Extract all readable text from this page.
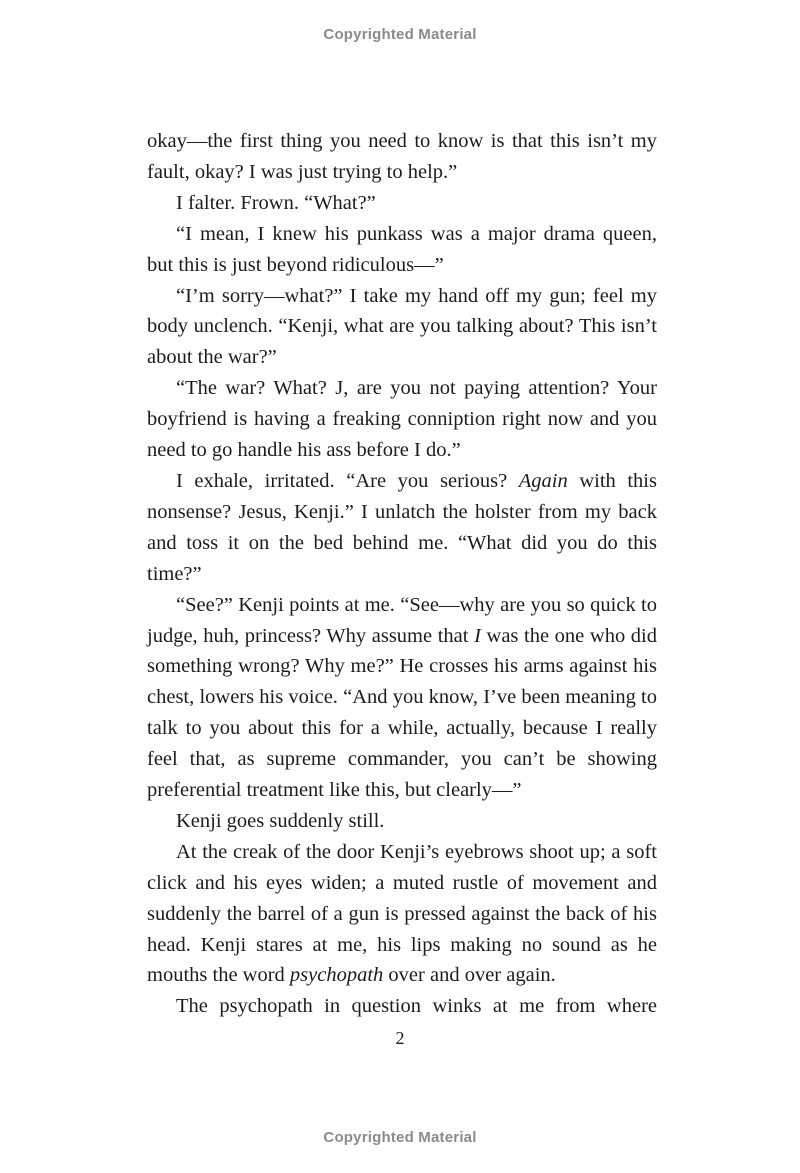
Copyrighted Material

okay—the first thing you need to know is that this isn’t my fault, okay? I was just trying to help.”

I falter. Frown. “What?”

“I mean, I knew his punkass was a major drama queen, but this is just beyond ridiculous—”

“I’m sorry—what?” I take my hand off my gun; feel my body unclench. “Kenji, what are you talking about? This isn’t about the war?”

“The war? What? J, are you not paying attention? Your boyfriend is having a freaking conniption right now and you need to go handle his ass before I do.”

I exhale, irritated. “Are you serious? Again with this nonsense? Jesus, Kenji.” I unlatch the holster from my back and toss it on the bed behind me. “What did you do this time?”

“See?” Kenji points at me. “See—why are you so quick to judge, huh, princess? Why assume that I was the one who did something wrong? Why me?” He crosses his arms against his chest, lowers his voice. “And you know, I’ve been meaning to talk to you about this for a while, actually, because I really feel that, as supreme commander, you can’t be showing preferential treatment like this, but clearly—”

Kenji goes suddenly still.

At the creak of the door Kenji’s eyebrows shoot up; a soft click and his eyes widen; a muted rustle of movement and suddenly the barrel of a gun is pressed against the back of his head. Kenji stares at me, his lips making no sound as he mouths the word psychopath over and over again.

The psychopath in question winks at me from where

2
Copyrighted Material
